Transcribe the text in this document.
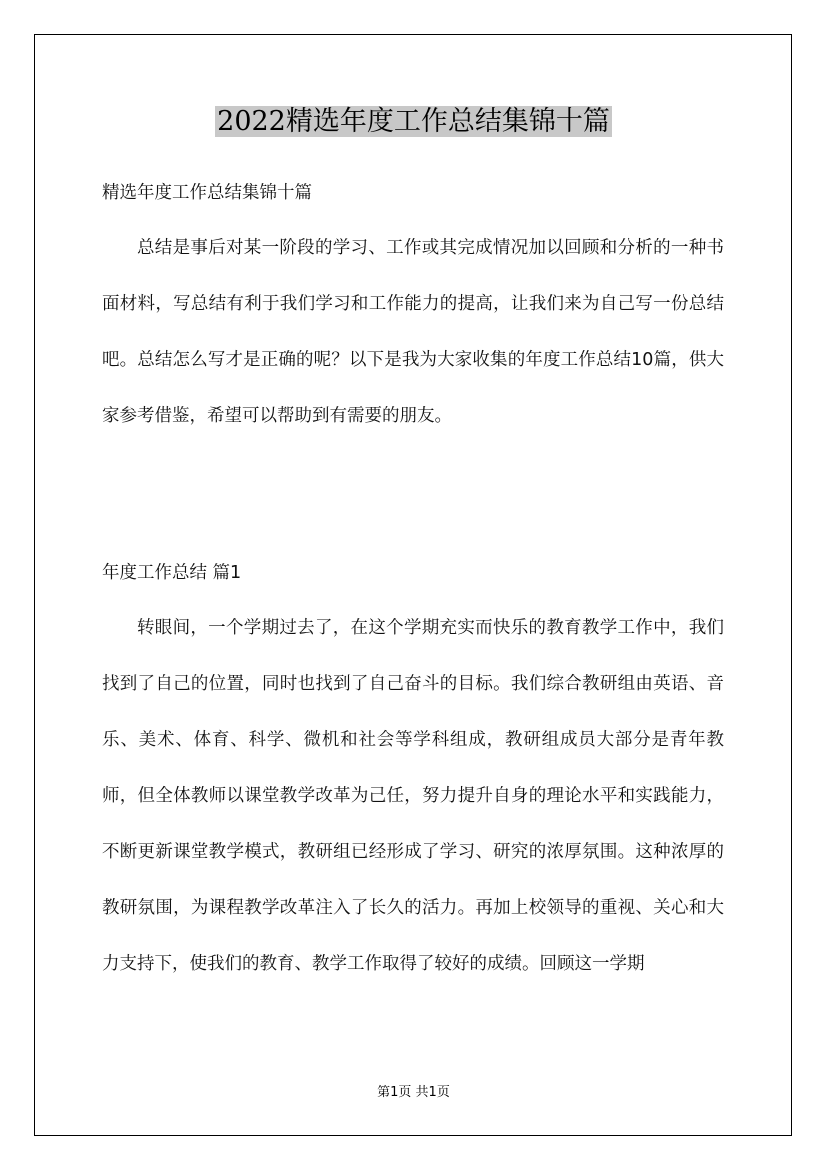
2022精选年度工作总结集锦十篇
精选年度工作总结集锦十篇
总结是事后对某一阶段的学习、工作或其完成情况加以回顾和分析的一种书面材料，写总结有利于我们学习和工作能力的提高，让我们来为自己写一份总结吧。总结怎么写才是正确的呢？以下是我为大家收集的年度工作总结10篇，供大家参考借鉴，希望可以帮助到有需要的朋友。
年度工作总结 篇1
转眼间，一个学期过去了，在这个学期充实而快乐的教育教学工作中，我们找到了自己的位置，同时也找到了自己奋斗的目标。我们综合教研组由英语、音乐、美术、体育、科学、微机和社会等学科组成，教研组成员大部分是青年教师，但全体教师以课堂教学改革为己任，努力提升自身的理论水平和实践能力，不断更新课堂教学模式，教研组已经形成了学习、研究的浓厚氛围。这种浓厚的教研氛围，为课程教学改革注入了长久的活力。再加上校领导的重视、关心和大力支持下，使我们的教育、教学工作取得了较好的成绩。回顾这一学期
第1页 共1页
